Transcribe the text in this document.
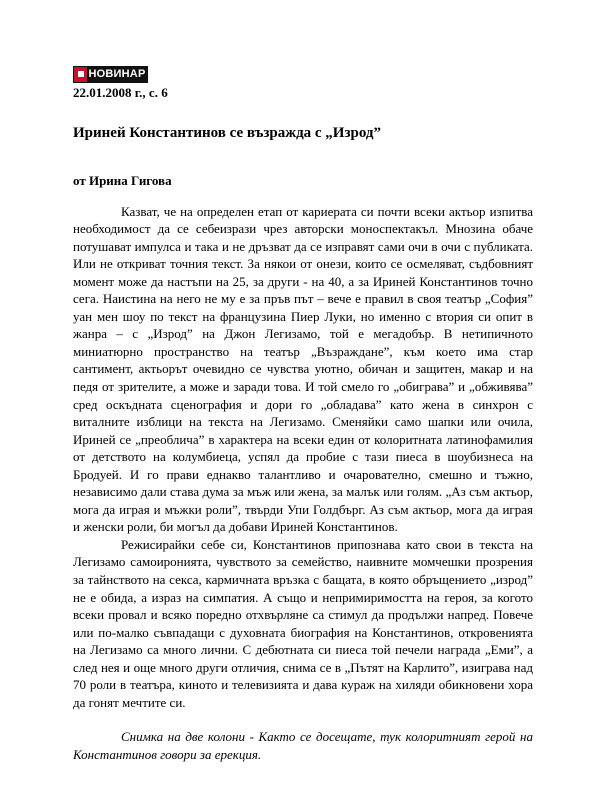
НОВИНАР
22.01.2008 г., с. 6
Ириней Константинов се възражда с „Изрод”
от Ирина Гигова

Казват, че на определен етап от кариерата си почти всеки актьор изпитва необходимост да се себеизрази чрез авторски моноспектакъл. Мнозина обаче потушават импулса и така и не дръзват да се изправят сами очи в очи с публиката. Или не откриват точния текст. За някои от онези, които се осмеляват, съдбовният момент може да настъпи на 25, за други - на 40, а за Ириней Константинов точно сега. Наистина на него не му е за пръв път – вече е правил в своя театър „София” уан мен шоу по текст на французина Пиер Луки, но именно с втория си опит в жанра – с „Изрод” на Джон Легизамо, той е мегадобър. В нетипичното миниатюрно пространство на театър „Възраждане”, към което има стар сантимент, актьорът очевидно се чувства уютно, обичан и защитен, макар и на педя от зрителите, а може и заради това. И той смело го „обиграва” и „обживява” сред оскъдната сценография и дори го „обладава” като жена в синхрон с виталните изблици на текста на Легизамо. Сменяйки само шапки или очила, Ириней се „преоблича” в характера на всеки един от колоритната латинофамилия от детството на колумбиеца, успял да пробие с тази пиеса в шоубизнеса на Бродуей. И го прави еднакво талантливо и очарователно, смешно и тъжно, независимо дали става дума за мъж или жена, за малък или голям. „Аз съм актьор, мога да играя и мъжки роли”, твърди Упи Голдбърг. Аз съм актьор, мога да играя и женски роли, би могъл да добави Ириней Константинов.

Режисирайки себе си, Константинов припознава като свои в текста на Легизамо самоиронията, чувството за семейство, наивните момчешки прозрения за тайнството на секса, кармичната връзка с бащата, в която обръщението „изрод” не е обида, а израз на симпатия. А също и непримиримостта на героя, за когото всеки провал и всяко поредно отхвърляне са стимул да продължи напред. Повече или по-малко съвпадащи с духовната биография на Константинов, откровенията на Легизамо са много лични. С дебютната си пиеса той печели награда „Еми”, а след нея и още много други отличия, снима се в „Пътят на Карлито”, изиграва над 70 роли в театъра, киното и телевизията и дава кураж на хиляди обикновени хора да гонят мечтите си.

Снимка на две колони - Както се досещате, тук колоритният герой на Константинов говори за ерекция.
